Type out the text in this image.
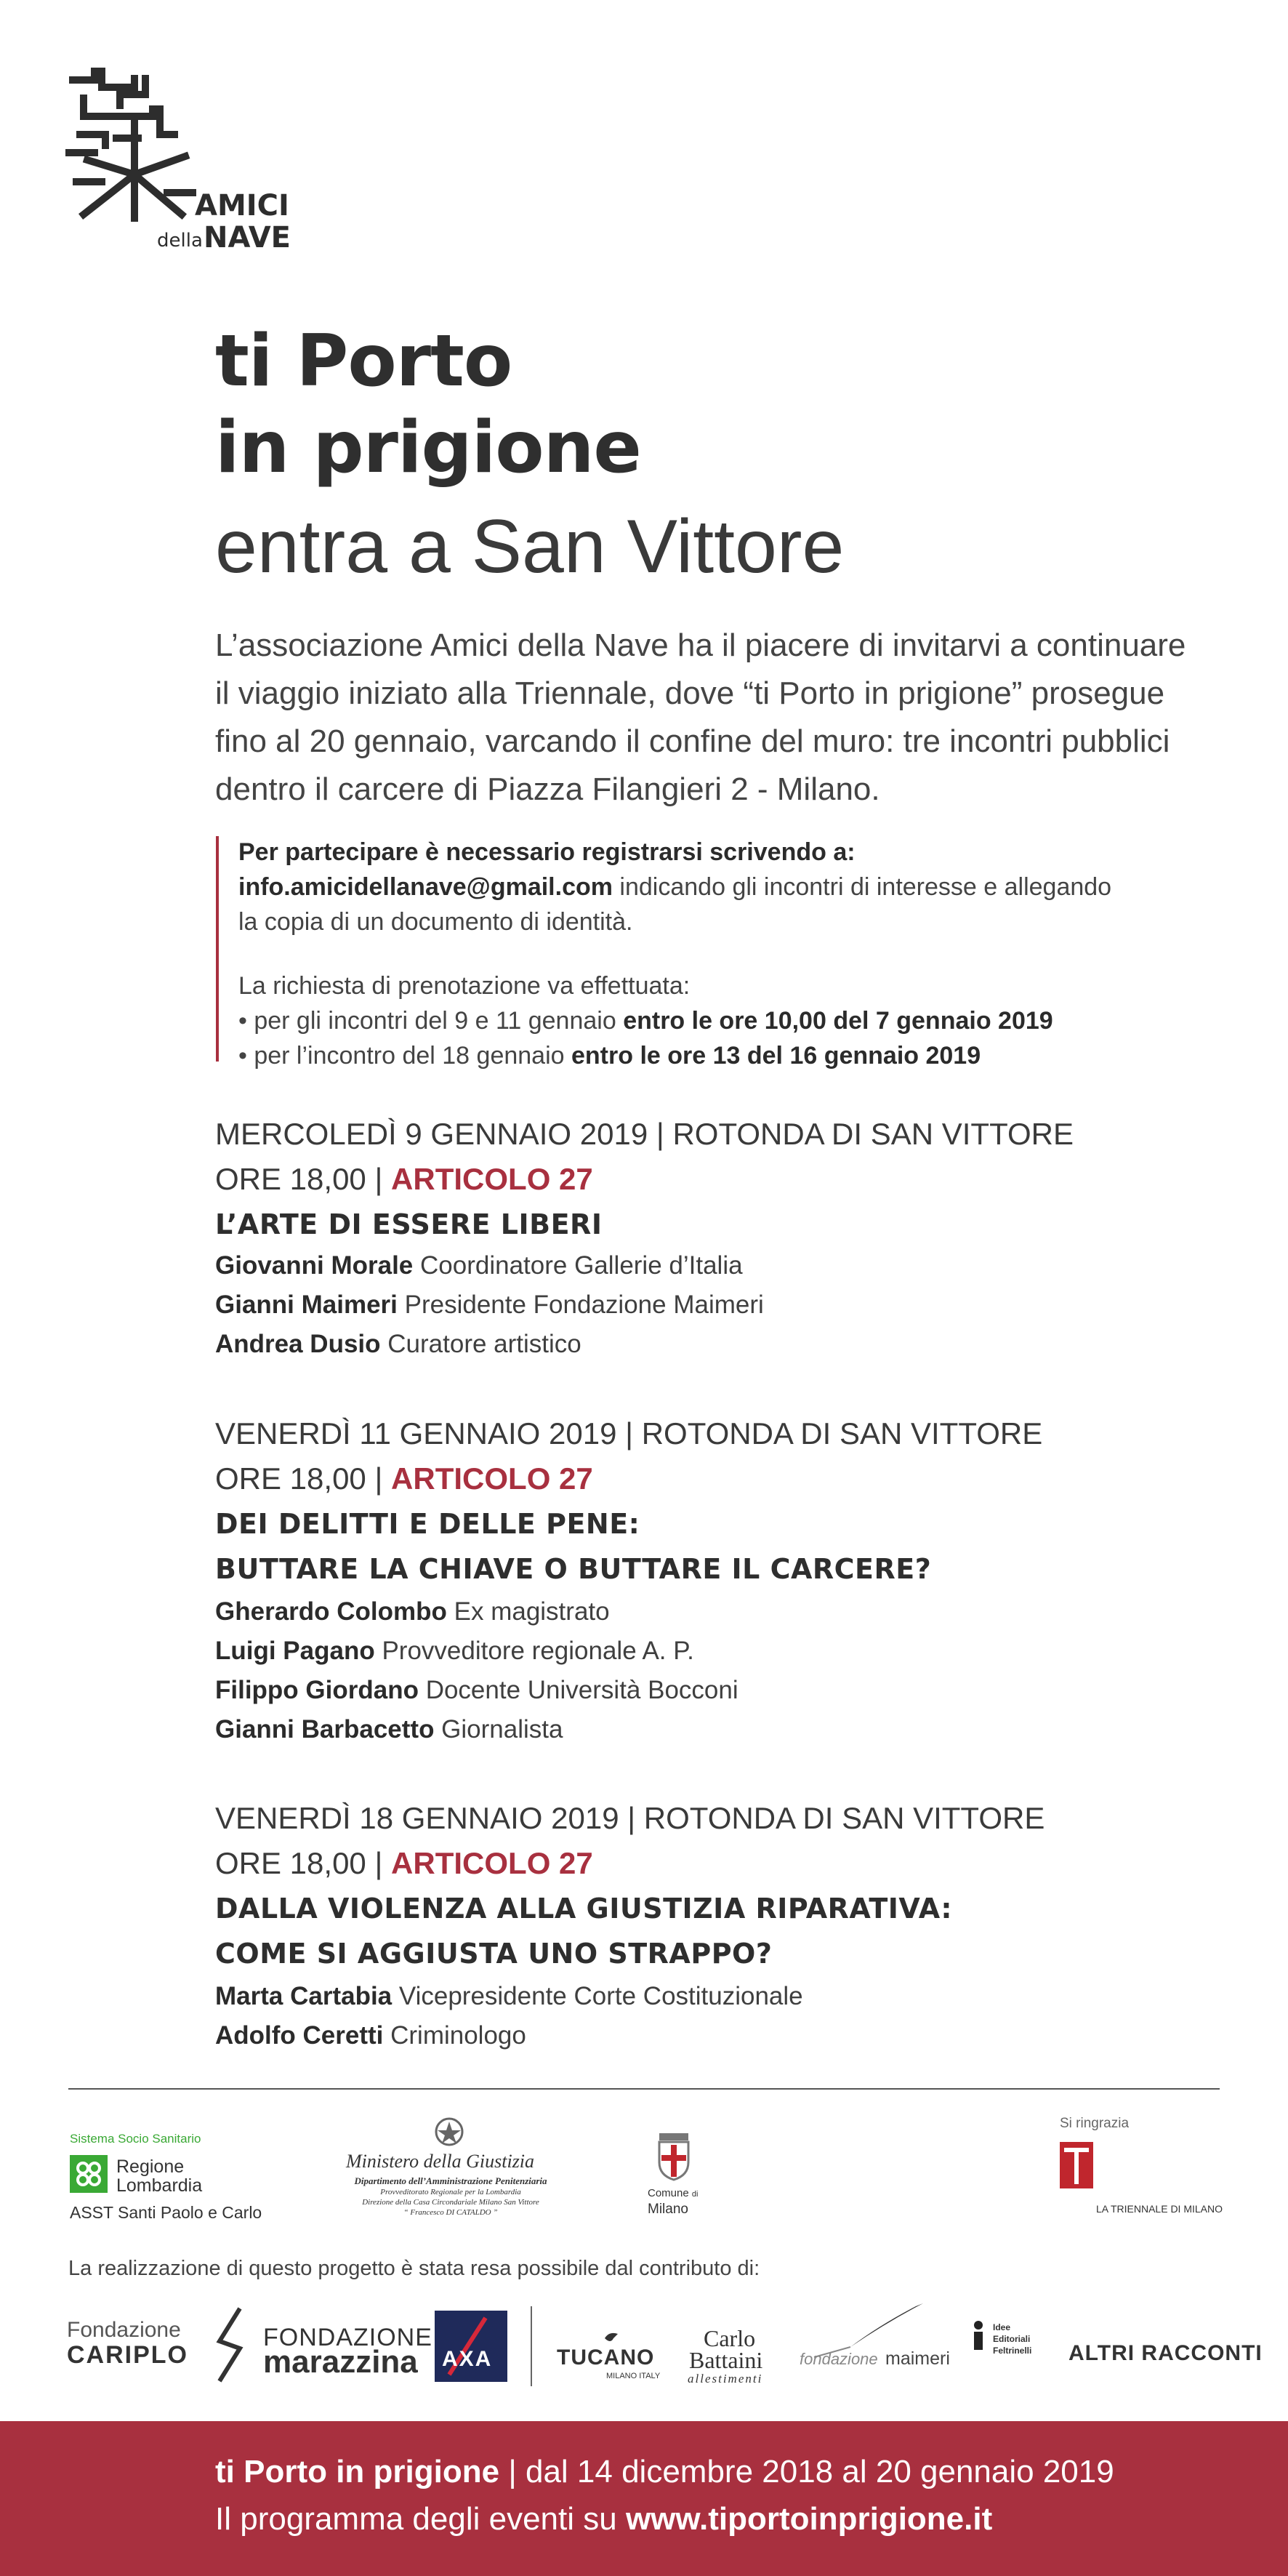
AMICI
della NAVE
ti Porto
in prigione
entra a San Vittore
L’associazione Amici della Nave ha il piacere di invitarvi a continuare
il viaggio iniziato alla Triennale, dove “ti Porto in prigione” prosegue
fino al 20 gennaio, varcando il confine del muro: tre incontri pubblici
dentro il carcere di Piazza Filangieri 2 - Milano.
Per partecipare è necessario registrarsi scrivendo a:
info.amicidellanave@gmail.com indicando gli incontri di interesse e allegando
la copia di un documento di identità.
La richiesta di prenotazione va effettuata:
• per gli incontri del 9 e 11 gennaio entro le ore 10,00 del 7 gennaio 2019
• per l’incontro del 18 gennaio entro le ore 13 del 16 gennaio 2019
MERCOLEDÌ 9 GENNAIO 2019 | ROTONDA DI SAN VITTORE
ORE 18,00 | ARTICOLO 27
L’ARTE DI ESSERE LIBERI
Giovanni Morale Coordinatore Gallerie d’Italia
Gianni Maimeri Presidente Fondazione Maimeri
Andrea Dusio Curatore artistico
VENERDÌ 11 GENNAIO 2019 | ROTONDA DI SAN VITTORE
ORE 18,00 | ARTICOLO 27
DEI DELITTI E DELLE PENE:
BUTTARE LA CHIAVE O BUTTARE IL CARCERE?
Gherardo Colombo Ex magistrato
Luigi Pagano Provveditore regionale A. P.
Filippo Giordano Docente Università Bocconi
Gianni Barbacetto Giornalista
VENERDÌ 18 GENNAIO 2019 | ROTONDA DI SAN VITTORE
ORE 18,00 | ARTICOLO 27
DALLA VIOLENZA ALLA GIUSTIZIA RIPARATIVA:
COME SI AGGIUSTA UNO STRAPPO?
Marta Cartabia Vicepresidente Corte Costituzionale
Adolfo Ceretti Criminologo
Sistema Socio Sanitario
Regione
Lombardia
ASST Santi Paolo e Carlo
Ministero della Giustizia
Dipartimento dell’Amministrazione Penitenziaria
Provveditorato Regionale per la Lombardia
Direzione della Casa Circondariale Milano San Vittore
“ Francesco DI CATALDO ”
Comune di
Milano
Si ringrazia
LA TRIENNALE DI MILANO
La realizzazione di questo progetto è stata resa possibile dal contributo di:
Fondazione
CARIPLO
FONDAZIONE
marazzina AXA	TUCANO
MILANO ITALY
Carlo
Battaini
allestimenti
fondazione maimeri
Idee
Editoriali
Feltrinelli ALTRI RACCONTI
ti Porto in prigione | dal 14 dicembre 2018 al 20 gennaio 2019
Il programma degli eventi su www.tiportoinprigione.it
